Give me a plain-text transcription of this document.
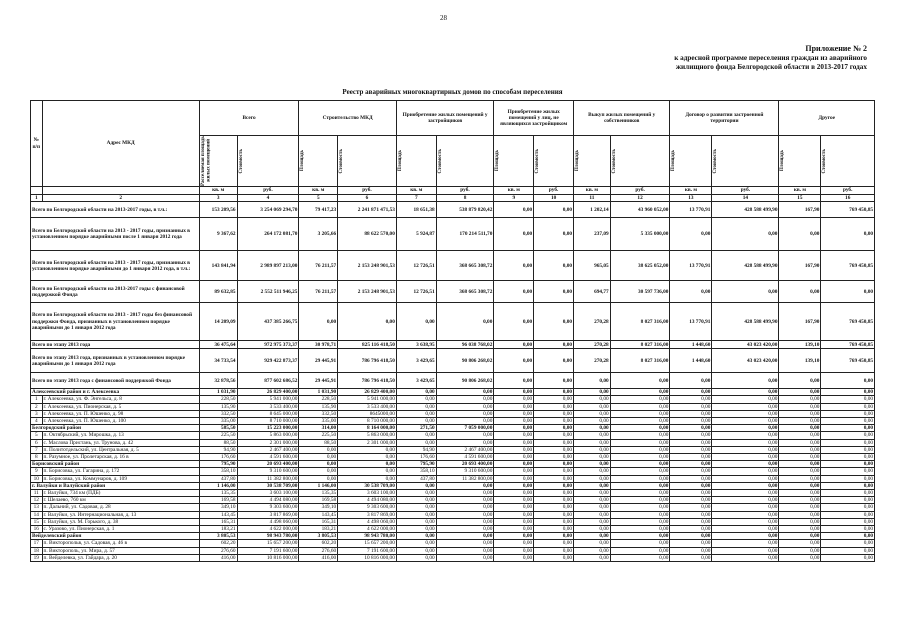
28
Приложение № 2
к адресной программе переселения граждан из аварийного
жилищного фонда Белгородской области в 2013-2017 годах
Реестр аварийных многоквартирных домов по способам переселения
№ п/п	Адрес МКД	Всего		Строительство МКД		Приобретение жилых помещений у застройщиков		Приобретение жилых помещений у лиц, не являющихся застройщиком		Выкуп жилых помещений у собственников		Договор о развитии застроенной территории		Другое	

		Расселяемая площадь жилых помещений	Стоимость	Площадь	Стоимость	Площадь	Стоимость	Площадь	Стоимость	Площадь	Стоимость	Площадь	Стоимость	Площадь	Стоимость

		кв. м	руб.	кв. м	руб.	кв. м	руб.	кв. м	руб.	кв. м	руб.	кв. м	руб.	кв. м	руб.
1	2	3	4	5	6	7	8	9	10	11	12	13	14	15	16
Всего по Белгородской области на 2013-2017 годы, в т.ч.:		153 209,56	3 254 069 294,70	79 417,23	2 241 871 471,53	18 651,38	538 879 820,42	0,00	0,00	1 202,14	43 960 052,00	13 770,91	428 588 499,90	167,90	769 450,85
Всего по Белгородской области на 2013 - 2017 годы, признанных в установленном порядке аварийными после 1 января 2012 года		9 367,62	264 172 081,70	3 205,66	88 622 570,00	5 924,87	170 214 511,70	0,00	0,00	237,09	5 335 000,00	0,00	0,00	0,00	0,00
Всего по Белгородской области на 2013 - 2017 годы, признанных в установленном порядке аварийными до 1 января 2012 года, в т.ч.:		143 841,94	2 989 897 213,00	76 211,57	2 153 248 901,53	12 726,51	368 665 308,72	0,00	0,00	965,05	38 625 052,00	13 770,91	428 588 499,90	167,90	769 450,85
Всего по Белгородской области на 2013-2017 годы с финансовой поддержкой Фонда		89 632,85	2 552 511 946,25	76 211,57	2 153 248 901,53	12 726,51	368 665 308,72	0,00	0,00	694,77	30 597 736,00	0,00	0,00	0,00	0,00
Всего по Белгородской области на 2013 - 2017 годы без финансовой поддержки Фонда, признанных в установленном порядке аварийными до 1 января 2012 года		14 209,09	437 385 266,75	0,00	0,00	0,00	0,00	0,00	0,00	270,28	8 027 316,00	13 770,91	428 588 499,90	167,90	769 450,85
Всего по этапу 2013 года		36 475,64	972 975 373,37	30 978,71	825 116 418,50	3 638,95	96 038 768,02	0,00	0,00	270,28	8 027 316,00	1 448,60	43 023 420,00	139,10	769 450,85
Всего по этапу 2013 года, признанных в установленном порядке аварийными до 1 января 2012 года		34 733,54	929 422 873,37	29 445,91	786 796 418,50	3 429,65	90 806 268,02	0,00	0,00	270,28	8 027 316,00	1 448,60	43 023 420,00	139,10	769 450,85
Всего по этапу 2013 года с финансовой поддержкой Фонда		32 878,56	877 602 686,52	29 445,91	786 796 418,50	3 429,65	90 806 268,02	0,00	0,00	0,00	0,00	0,00	0,00	0,00	0,00
Алексеевский район и г. Алексеевка		1 031,90	26 829 400,00	1 031,90	26 829 400,00	0,00	0,00	0,00	0,00	0,00	0,00	0,00	0,00	0,00	0,00
1	г. Алексеевка, ул. Ф. Энгельса, д. 8	228,50	5 941 000,00	228,50	5 941 000,00	0,00	0,00	0,00	0,00	0,00	0,00	0,00	0,00	0,00	0,00
2	г. Алексеевка, ул. Пионерская, д. 5	135,90	3 533 400,00	135,90	3 533 400,00	0,00	0,00	0,00	0,00	0,00	0,00	0,00	0,00	0,00	0,00
3	г. Алексеевка, ул. П. Юшенко, д. 98	332,50	8 645 000,00	332,50	8645000,00	0,00	0,00	0,00	0,00	0,00	0,00	0,00	0,00	0,00	0,00
4	г. Алексеевка, ул. П. Юшенко, д. 100	335,00	8 710 000,00	335,00	8 710 000,00	0,00	0,00	0,00	0,00	0,00	0,00	0,00	0,00	0,00	0,00
Белгородский район		585,50	15 223 000,00	314,00	8 164 000,00	271,50	7 059 000,00	0,00	0,00	0,00	0,00	0,00	0,00	0,00	0,00
5	п. Октябрьский, ул. Мирошка, д. 13	225,50	5 863 000,00	225,50	5 863 000,00	0,00	0,00	0,00	0,00	0,00	0,00	0,00	0,00	0,00	0,00
6	с. Маслова Пристань, ул. Трунова, д. 42	88,50	2 301 000,00	88,50	2 301 000,00	0,00	0,00	0,00	0,00	0,00	0,00	0,00	0,00	0,00	0,00
7	п. Политотдельский, ул. Центральная, д. 5	94,90	2 467 400,00	0,00	0,00	94,90	2 467 400,00	0,00	0,00	0,00	0,00	0,00	0,00	0,00	0,00
8	п. Разумное, ул. Пролетарская, д. 16 в	176,60	4 591 600,00	0,00	0,00	176,60	4 591 600,00	0,00	0,00	0,00	0,00	0,00	0,00	0,00	0,00
Борисовский район		795,90	20 693 400,00	0,00	0,00	795,90	20 693 400,00	0,00	0,00	0,00	0,00	0,00	0,00	0,00	0,00
9	п. Борисовка, ул. Гагарина, д. 172	358,10	9 310 600,00	0,00	0,00	358,10	9 310 600,00	0,00	0,00	0,00	0,00	0,00	0,00	0,00	0,00
10	п. Борисовка, ул. Коммунаров, д. 109	437,80	11 382 800,00	0,00	0,00	437,80	11 382 800,00	0,00	0,00	0,00	0,00	0,00	0,00	0,00	0,00
г. Валуйки и Валуйский район		1 146,00	30 538 709,00	1 146,00	30 538 709,00	0,00	0,00	0,00	0,00	0,00	0,00	0,00	0,00	0,00	0,00
11	г. Валуйки, 734 км (ПДБ)	135,35	3 603 100,00	135,35	3 603 100,00	0,00	0,00	0,00	0,00	0,00	0,00	0,00	0,00	0,00	0,00
12	г. Шелаево, 760 км	169,58	4 494 080,00	169,58	4 494 080,00	0,00	0,00	0,00	0,00	0,00	0,00	0,00	0,00	0,00	0,00
13	п. Дальний, ул. Садовая, д. 28	349,10	9 303 600,00	349,10	9 303 600,00	0,00	0,00	0,00	0,00	0,00	0,00	0,00	0,00	0,00	0,00
14	г. Валуйки, ул. Интернациональная, д. 13	143,45	3 817 869,00	143,45	3 817 869,00	0,00	0,00	0,00	0,00	0,00	0,00	0,00	0,00	0,00	0,00
15	г. Валуйки, ул. М. Горького, д. 38	165,31	4 498 060,00	165,31	4 498 060,00	0,00	0,00	0,00	0,00	0,00	0,00	0,00	0,00	0,00	0,00
16	с. Уразово, ул. Пионерская, д. 1	183,21	4 622 000,00	183,21	4 622 000,00	0,00	0,00	0,00	0,00	0,00	0,00	0,00	0,00	0,00	0,00
Вейделевский район		3 805,53	98 943 780,00	3 805,53	98 943 780,00	0,00	0,00	0,00	0,00	0,00	0,00	0,00	0,00	0,00	0,00
17	п. Викторопольв, ул. Садовая, д. 46 в	602,20	15 657 200,00	602,20	15 657 200,00	0,00	0,00	0,00	0,00	0,00	0,00	0,00	0,00	0,00	0,00
18	п. Викторополь, ул. Мира, д. 57	276,60	7 191 600,00	276,60	7 191 600,00	0,00	0,00	0,00	0,00	0,00	0,00	0,00	0,00	0,00	0,00
19	п. Вейделевка, ул. Гайдара, д. 20	416,00	10 816 000,00	416,00	10 816 000,00	0,00	0,00	0,00	0,00	0,00	0,00	0,00	0,00	0,00	0,00
